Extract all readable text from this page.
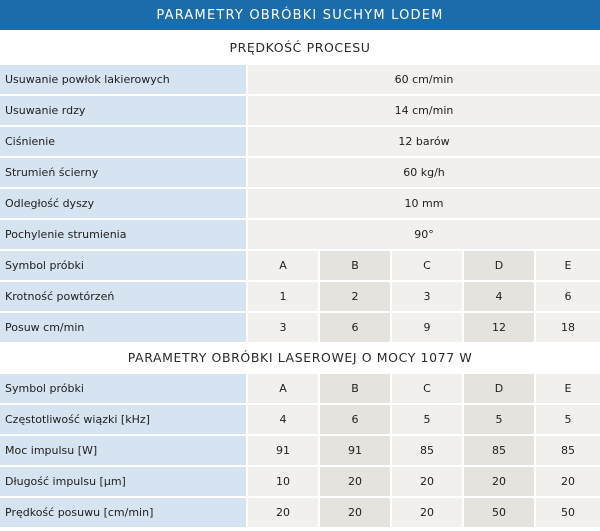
PARAMETRY OBRÓBKI SUCHYM LODEM
PRĘDKOŚĆ PROCESU
Usuwanie powłok lakierowych	60 cm/min
Usuwanie rdzy	14 cm/min
Ciśnienie	12 barów
Strumień ścierny	60 kg/h
Odległość dyszy	10 mm
Pochylenie strumienia	90°
Symbol próbki	A	B	C	D	E
Krotność powtórzeń	1	2	3	4	6
Posuw cm/min	3	6	9	12	18
PARAMETRY OBRÓBKI LASEROWEJ O MOCY 1077 W
Symbol próbki	A	B	C	D	E
Częstotliwość wiązki [kHz]	4	6	5	5	5
Moc impulsu [W]	91	91	85	85	85
Długość impulsu [µm]	10	20	20	20	20
Prędkość posuwu [cm/min]	20	20	20	50	50
